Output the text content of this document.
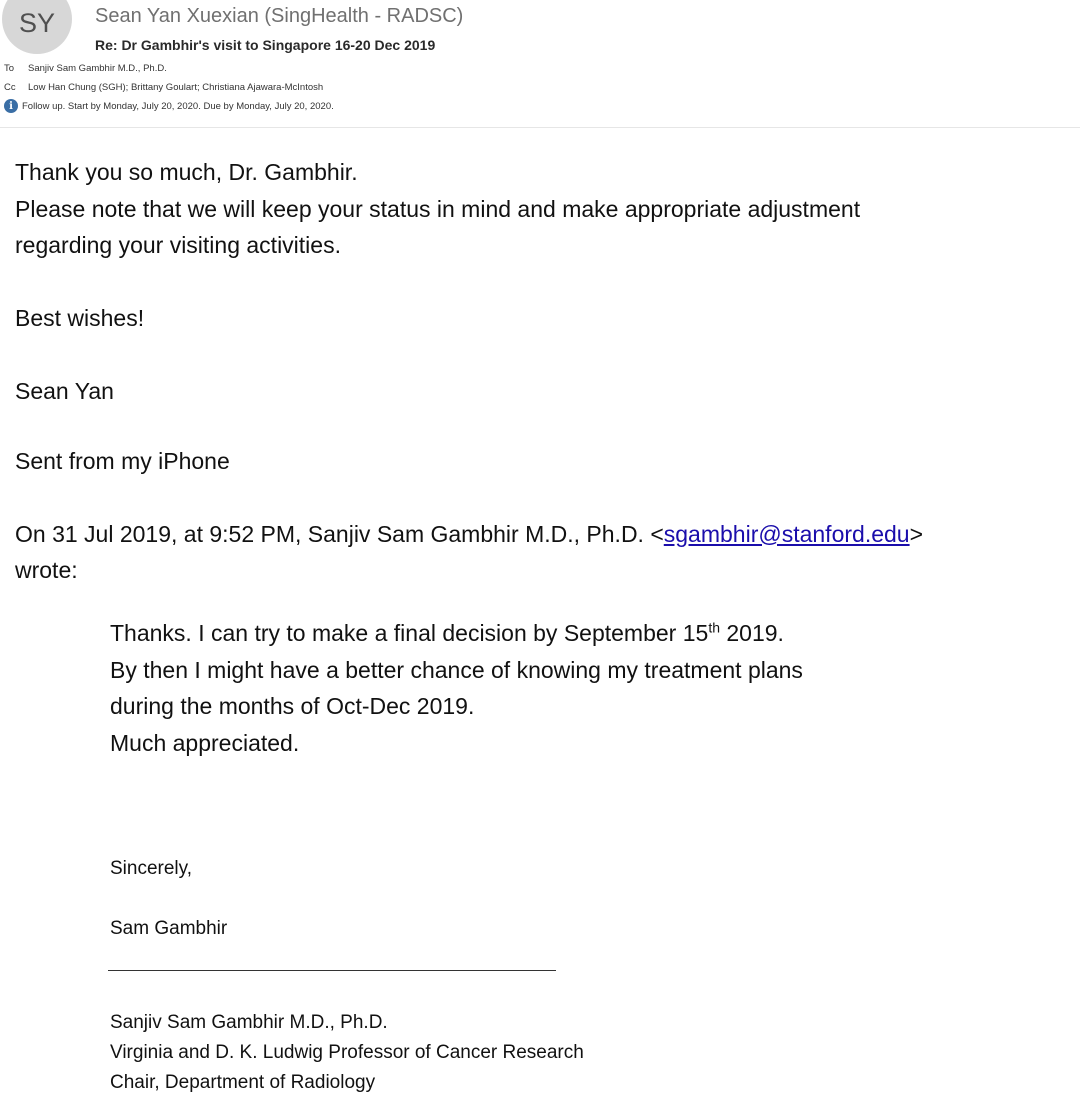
SY	Sean Yan Xuexian (SingHealth - RADSC)
Re: Dr Gambhir's visit to Singapore 16-20 Dec 2019
To Sanjiv Sam Gambhir M.D., Ph.D.
Cc Low Han Chung (SGH); Brittany Goulart; Christiana Ajawara-McIntosh
i Follow up. Start by Monday, July 20, 2020. Due by Monday, July 20, 2020.

Thank you so much, Dr. Gambhir.

Please note that we will keep your status in mind and make appropriate adjustment

regarding your visiting activities.

Best wishes!

Sean Yan

Sent from my iPhone

On 31 Jul 2019, at 9:52 PM, Sanjiv Sam Gambhir M.D., Ph.D. <sgambhir@stanford.edu>

wrote:

Thanks. I can try to make a final decision by September 15th 2019.

By then I might have a better chance of knowing my treatment plans

during the months of Oct-Dec 2019.

Much appreciated.

Sincerely,
Sam Gambhir
Sanjiv Sam Gambhir M.D., Ph.D.
Virginia and D. K. Ludwig Professor of Cancer Research
Chair, Department of Radiology
